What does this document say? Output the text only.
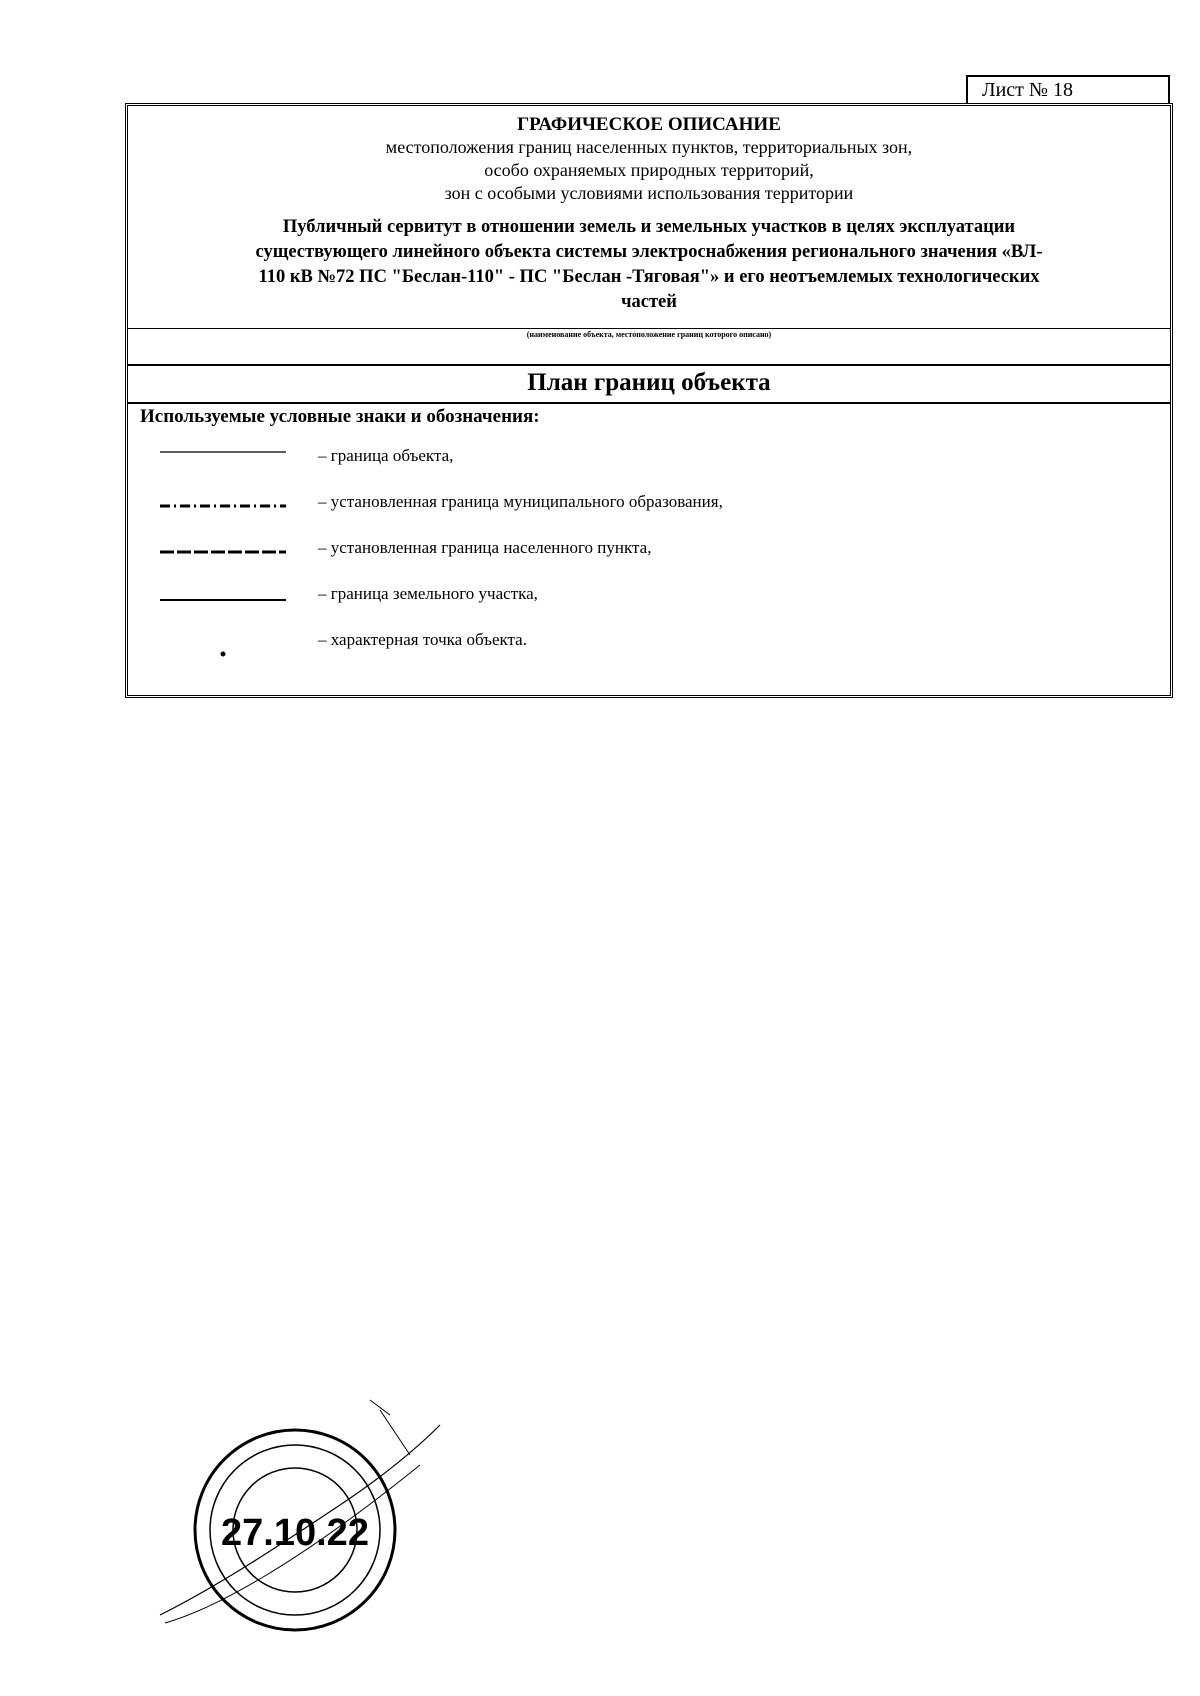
Лист № 18
ГРАФИЧЕСКОЕ ОПИСАНИЕ
местоположения границ населенных пунктов, территориальных зон,
особо охраняемых природных территорий,
зон с особыми условиями использования территории
Публичный сервитут в отношении земель и земельных участков в целях эксплуатации
существующего линейного объекта системы электроснабжения регионального значения «ВЛ-
110 кВ №72 ПС "Беслан-110" - ПС "Беслан -Тяговая"» и его неотъемлемых технологических
частей
(наименование объекта, местоположение границ которого описано)
План границ объекта
Используемые условные знаки и обозначения:
– граница объекта,
– установленная граница муниципального образования,
– установленная граница населенного пункта,
– граница земельного участка,
– характерная точка объекта.
27.10.22
